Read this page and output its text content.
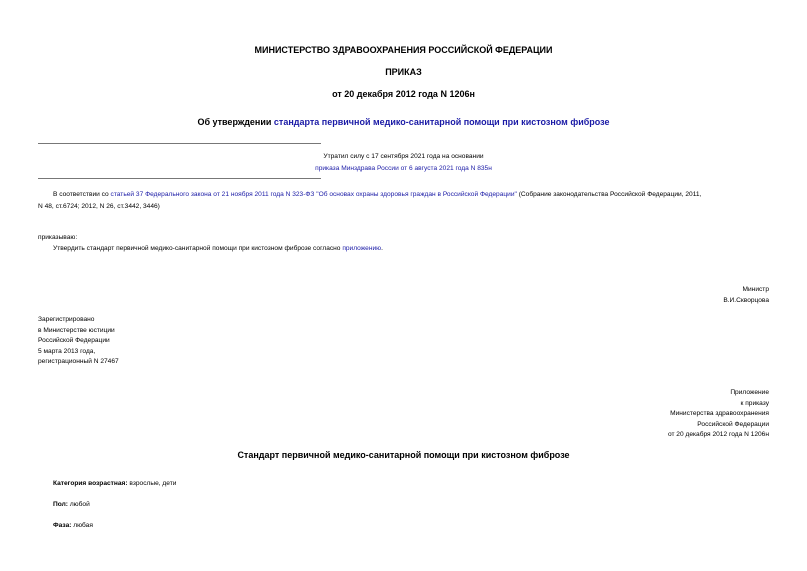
МИНИСТЕРСТВО ЗДРАВООХРАНЕНИЯ РОССИЙСКОЙ ФЕДЕРАЦИИ
ПРИКАЗ
от 20 декабря 2012 года N 1206н
Об утверждении стандарта первичной медико-санитарной помощи при кистозном фиброзе
Утратил силу с 17 сентября 2021 года на основании
приказа Минздрава России от 6 августа 2021 года N 835н
В соответствии со статьей 37 Федерального закона от 21 ноября 2011 года N 323-ФЗ "Об основах охраны здоровья граждан в Российской Федерации" (Собрание законодательства Российской Федерации, 2011,
N 48, ст.6724; 2012, N 26, ст.3442, 3446)
приказываю:
Утвердить стандарт первичной медико-санитарной помощи при кистозном фиброзе согласно приложению.
Министр
В.И.Скворцова
Зарегистрировано
в Министерстве юстиции
Российской Федерации
5 марта 2013 года,
регистрационный N 27467
Приложение
к приказу
Министерства здравоохранения
Российской Федерации
от 20 декабря 2012 года N 1206н
Стандарт первичной медико-санитарной помощи при кистозном фиброзе
Категория возрастная: взрослые, дети
Пол: любой
Фаза: любая
